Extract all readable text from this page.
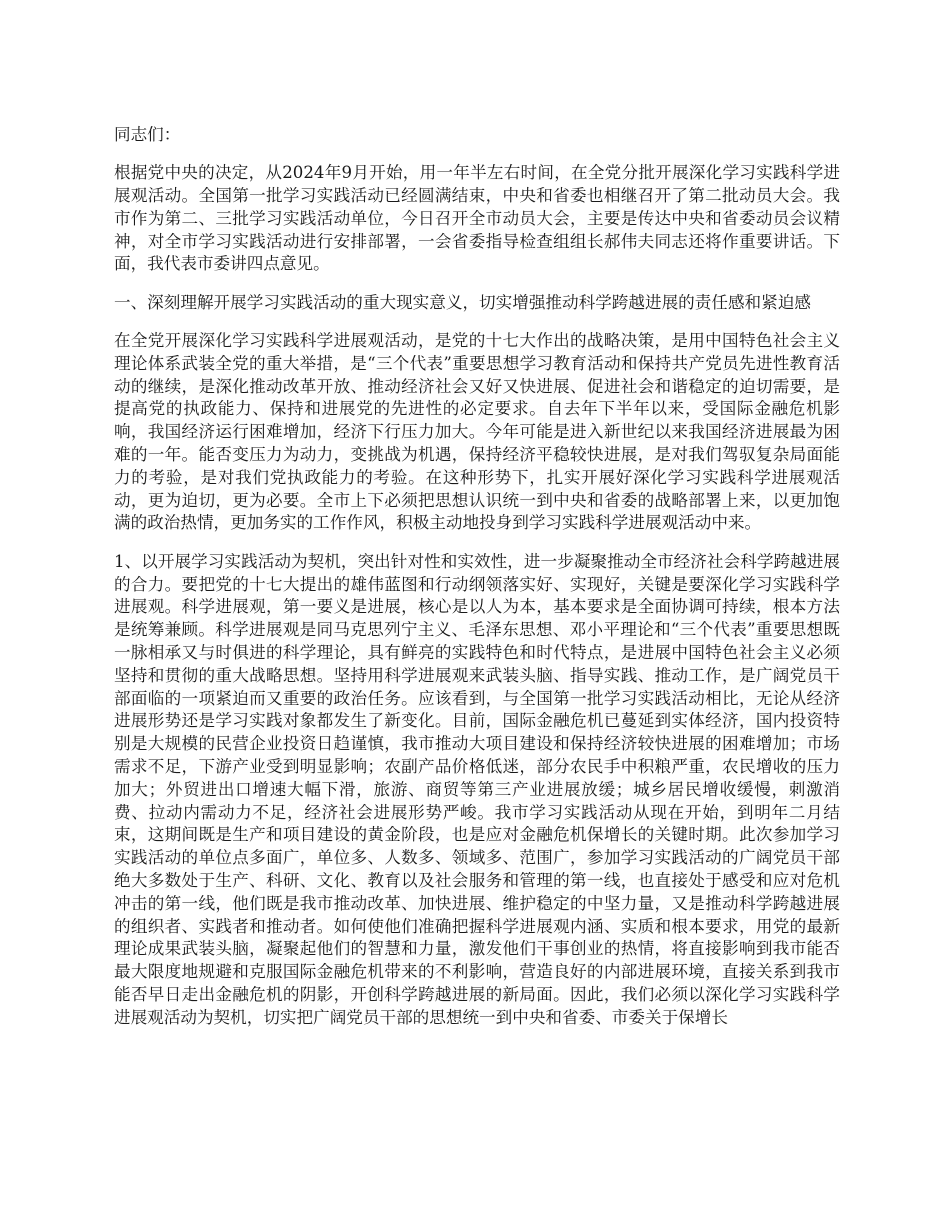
同志们：

根据党中央的决定，从2024年9月开始，用一年半左右时间，在全党分批开展深化学习实践科学进展观活动。全国第一批学习实践活动已经圆满结束，中央和省委也相继召开了第二批动员大会。我市作为第二、三批学习实践活动单位，今日召开全市动员大会，主要是传达中央和省委动员会议精神，对全市学习实践活动进行安排部署，一会省委指导检查组组长郝伟夫同志还将作重要讲话。下面，我代表市委讲四点意见。

一、深刻理解开展学习实践活动的重大现实意义，切实增强推动科学跨越进展的责任感和紧迫感

在全党开展深化学习实践科学进展观活动，是党的十七大作出的战略决策，是用中国特色社会主义理论体系武装全党的重大举措，是“三个代表”重要思想学习教育活动和保持共产党员先进性教育活动的继续，是深化推动改革开放、推动经济社会又好又快进展、促进社会和谐稳定的迫切需要，是提高党的执政能力、保持和进展党的先进性的必定要求。自去年下半年以来，受国际金融危机影响，我国经济运行困难增加，经济下行压力加大。今年可能是进入新世纪以来我国经济进展最为困难的一年。能否变压力为动力，变挑战为机遇，保持经济平稳较快进展，是对我们驾驭复杂局面能力的考验，是对我们党执政能力的考验。在这种形势下，扎实开展好深化学习实践科学进展观活动，更为迫切，更为必要。全市上下必须把思想认识统一到中央和省委的战略部署上来，以更加饱满的政治热情，更加务实的工作作风，积极主动地投身到学习实践科学进展观活动中来。

1、以开展学习实践活动为契机，突出针对性和实效性，进一步凝聚推动全市经济社会科学跨越进展的合力。要把党的十七大提出的雄伟蓝图和行动纲领落实好、实现好，关键是要深化学习实践科学进展观。科学进展观，第一要义是进展，核心是以人为本，基本要求是全面协调可持续，根本方法是统筹兼顾。科学进展观是同马克思列宁主义、毛泽东思想、邓小平理论和“三个代表”重要思想既一脉相承又与时俱进的科学理论，具有鲜亮的实践特色和时代特点，是进展中国特色社会主义必须坚持和贯彻的重大战略思想。坚持用科学进展观来武装头脑、指导实践、推动工作，是广阔党员干部面临的一项紧迫而又重要的政治任务。应该看到，与全国第一批学习实践活动相比，无论从经济进展形势还是学习实践对象都发生了新变化。目前，国际金融危机已蔓延到实体经济，国内投资特别是大规模的民营企业投资日趋谨慎，我市推动大项目建设和保持经济较快进展的困难增加；市场需求不足，下游产业受到明显影响；农副产品价格低迷，部分农民手中积粮严重，农民增收的压力加大；外贸进出口增速大幅下滑，旅游、商贸等第三产业进展放缓；城乡居民增收缓慢，刺激消费、拉动内需动力不足，经济社会进展形势严峻。我市学习实践活动从现在开始，到明年二月结束，这期间既是生产和项目建设的黄金阶段，也是应对金融危机保增长的关键时期。此次参加学习实践活动的单位点多面广，单位多、人数多、领域多、范围广，参加学习实践活动的广阔党员干部绝大多数处于生产、科研、文化、教育以及社会服务和管理的第一线，也直接处于感受和应对危机冲击的第一线，他们既是我市推动改革、加快进展、维护稳定的中坚力量，又是推动科学跨越进展的组织者、实践者和推动者。如何使他们准确把握科学进展观内涵、实质和根本要求，用党的最新理论成果武装头脑，凝聚起他们的智慧和力量，激发他们干事创业的热情，将直接影响到我市能否最大限度地规避和克服国际金融危机带来的不利影响，营造良好的内部进展环境，直接关系到我市能否早日走出金融危机的阴影，开创科学跨越进展的新局面。因此，我们必须以深化学习实践科学进展观活动为契机，切实把广阔党员干部的思想统一到中央和省委、市委关于保增长
